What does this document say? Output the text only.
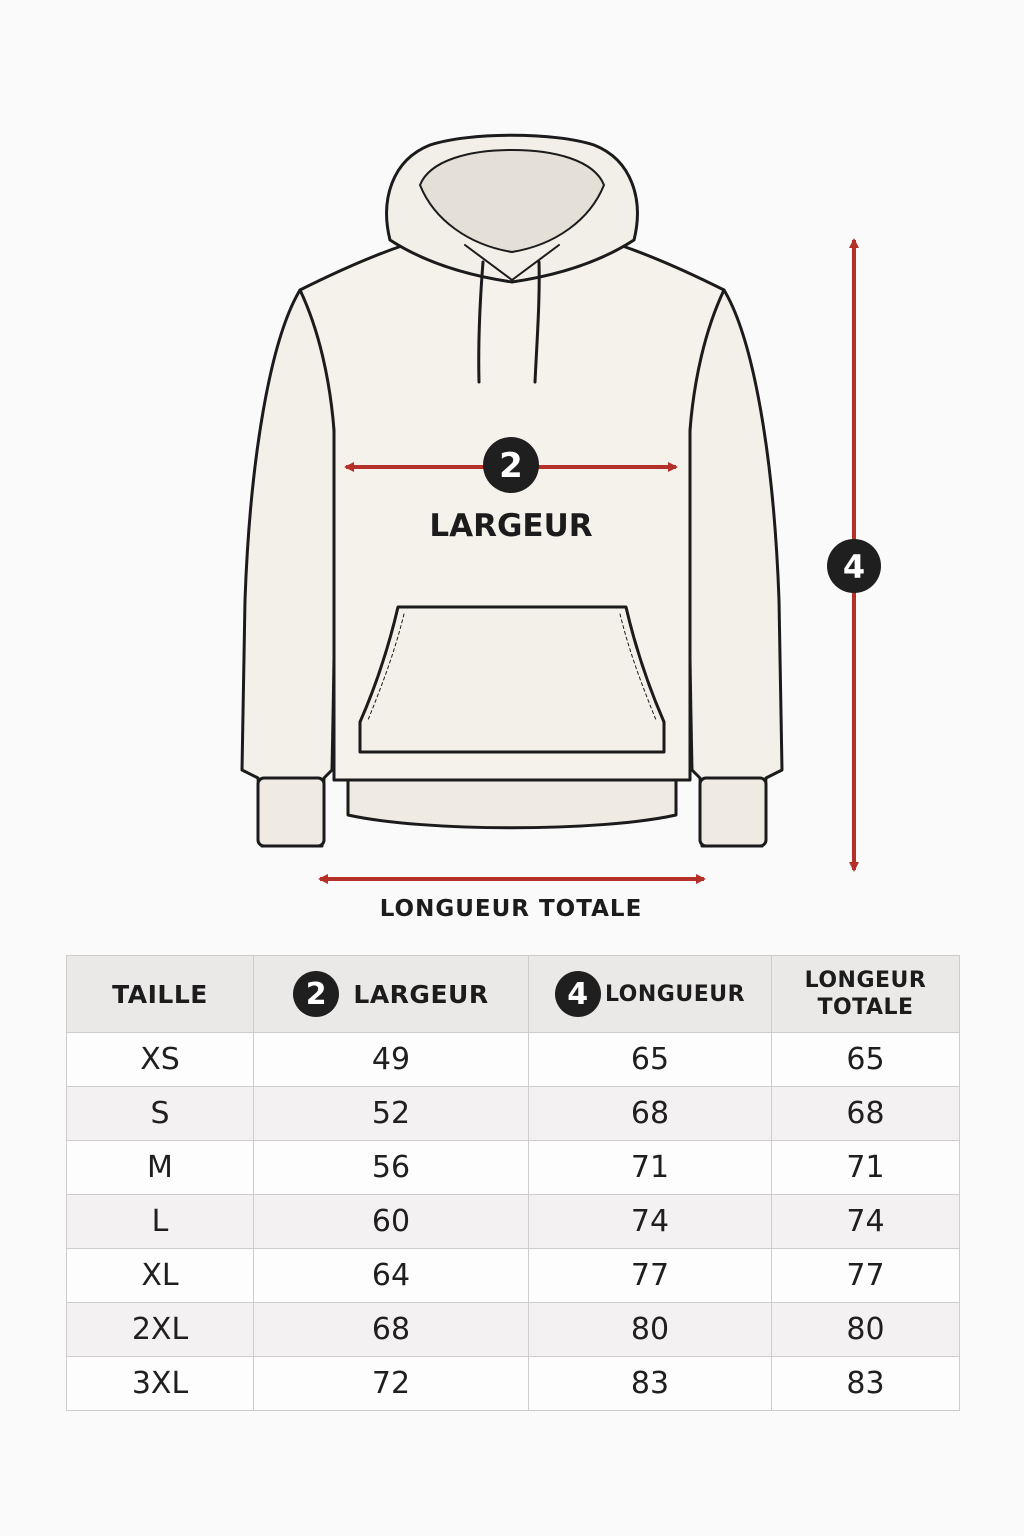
2
LARGEUR
4
LONGUEUR TOTALE
TAILLE	2 LARGEUR	4 LONGUEUR	LONGEUR
TOTALE

XS	49	65	65
S	52	68	68
M	56	71	71
L	60	74	74
XL	64	77	77
2XL	68	80	80
3XL	72	83	83
